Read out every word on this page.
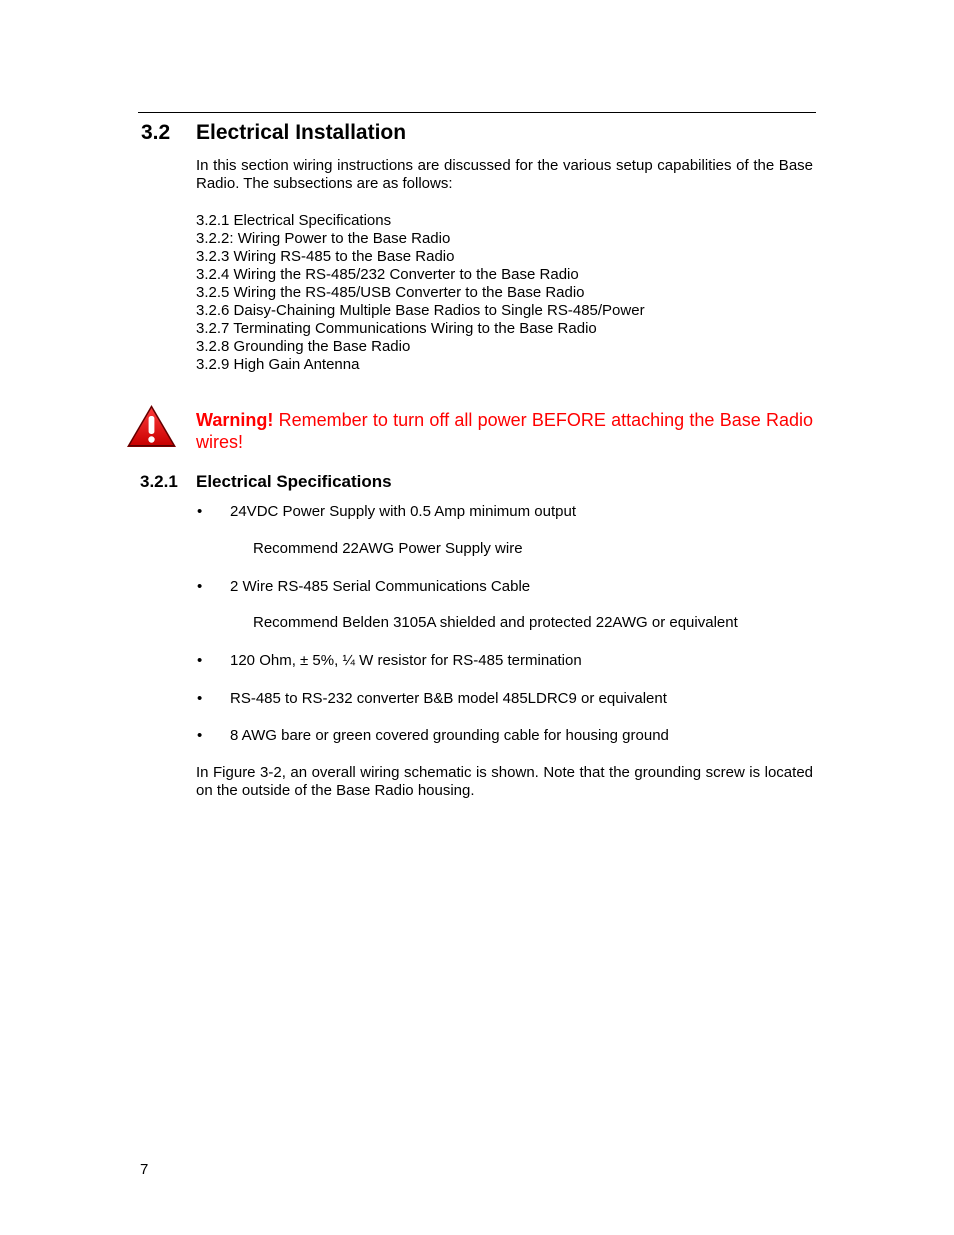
3.2 Electrical Installation

In this section wiring instructions are discussed for the various setup capabilities of the Base Radio. The subsections are as follows:

3.2.1 Electrical Specifications
3.2.2: Wiring Power to the Base Radio
3.2.3 Wiring RS-485 to the Base Radio
3.2.4 Wiring the RS-485/232 Converter to the Base Radio
3.2.5 Wiring the RS-485/USB Converter to the Base Radio
3.2.6 Daisy-Chaining Multiple Base Radios to Single RS-485/Power
3.2.7 Terminating Communications Wiring to the Base Radio
3.2.8 Grounding the Base Radio
3.2.9 High Gain Antenna
Warning! Remember to turn off all power BEFORE attaching the Base Radio wires!
3.2.1 Electrical Specifications
• 24VDC Power Supply with 0.5 Amp minimum output
Recommend 22AWG Power Supply wire
• 2 Wire RS-485 Serial Communications Cable
Recommend Belden 3105A shielded and protected 22AWG or equivalent
• 120 Ohm, ± 5%, ¼ W resistor for RS-485 termination
• RS-485 to RS-232 converter B&B model 485LDRC9 or equivalent
• 8 AWG bare or green covered grounding cable for housing ground

In Figure 3-2, an overall wiring schematic is shown. Note that the grounding screw is located on the outside of the Base Radio housing.

7
